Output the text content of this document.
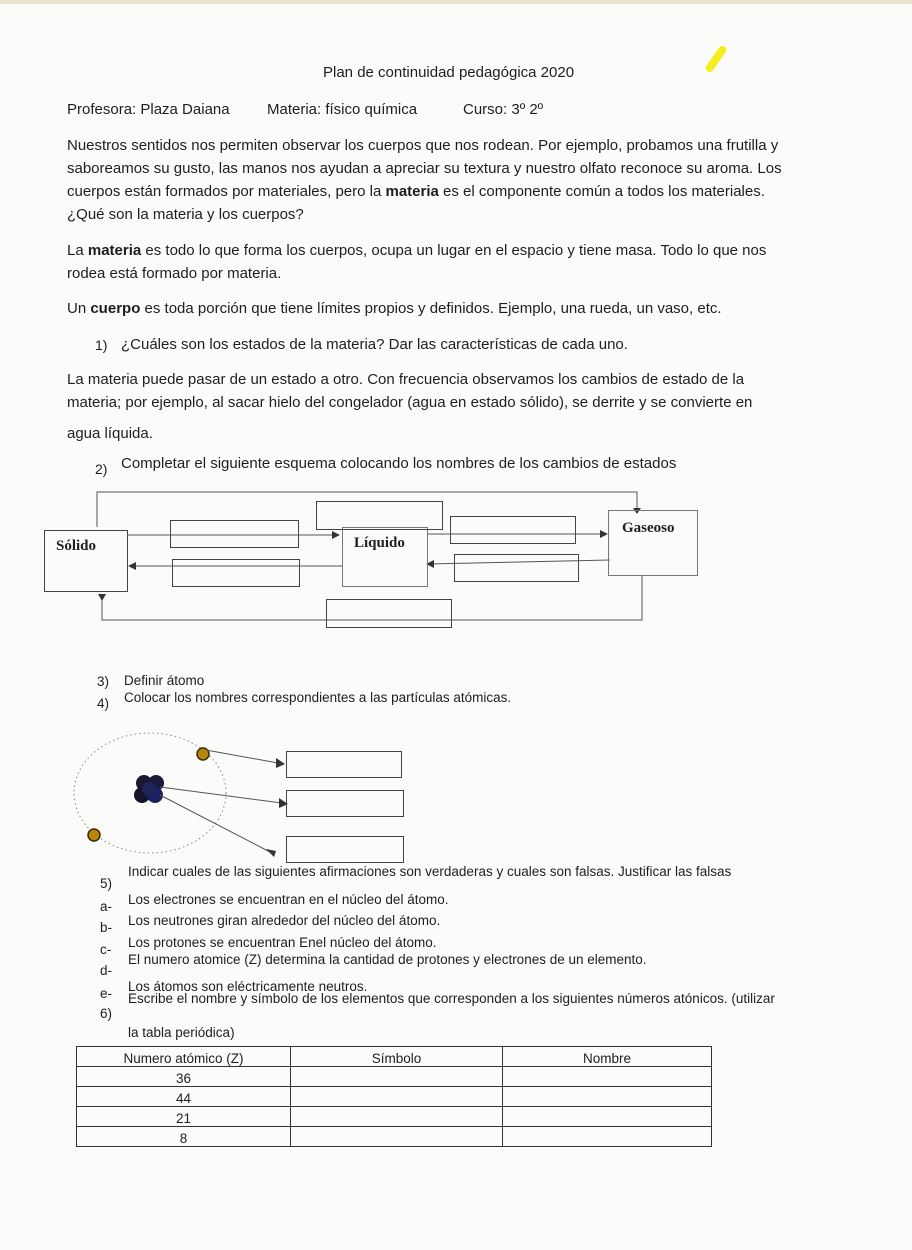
Plan de continuidad pedagógica 2020
Profesora: Plaza Daiana Materia: físico química	Curso: 3º 2º
Nuestros sentidos nos permiten observar los cuerpos que nos rodean. Por ejemplo, probamos una frutilla y
saboreamos su gusto, las manos nos ayudan a apreciar su textura y nuestro olfato reconoce su aroma. Los
cuerpos están formados por materiales, pero la materia es el componente común a todos los materiales.
¿Qué son la materia y los cuerpos?
La materia es todo lo que forma los cuerpos, ocupa un lugar en el espacio y tiene masa. Todo lo que nos
rodea está formado por materia.
Un cuerpo es toda porción que tiene límites propios y definidos. Ejemplo, una rueda, un vaso, etc.
1) ¿Cuáles son los estados de la materia? Dar las características de cada uno.
La materia puede pasar de un estado a otro. Con frecuencia observamos los cambios de estado de la
materia; por ejemplo, al sacar hielo del congelador (agua en estado sólido), se derrite y se convierte en
agua líquida.
2) Completar el siguiente esquema colocando los nombres de los cambios de estados
Sólido	Líquido
Gaseoso
3) Definir átomo
4) Colocar los nombres correspondientes a las partículas atómicas.
5)
Indicar cuales de las siguientes afirmaciones son verdaderas y cuales son falsas. Justificar las falsas
a- Los electrones se encuentran en el núcleo del átomo.
b- Los neutrones giran alrededor del núcleo del átomo.
c- Los protones se encuentran Enel núcleo del átomo.
d-
El numero atomice (Z) determina la cantidad de protones y electrones de un elemento.
e- Los átomos son eléctricamente neutros.
6)
Escribe el nombre y símbolo de los elementos que corresponden a los siguientes números atónicos. (utilizar
la tabla periódica)
Numero atómico (Z)	Símbolo	Nombre
36		
44		
21		
8		
